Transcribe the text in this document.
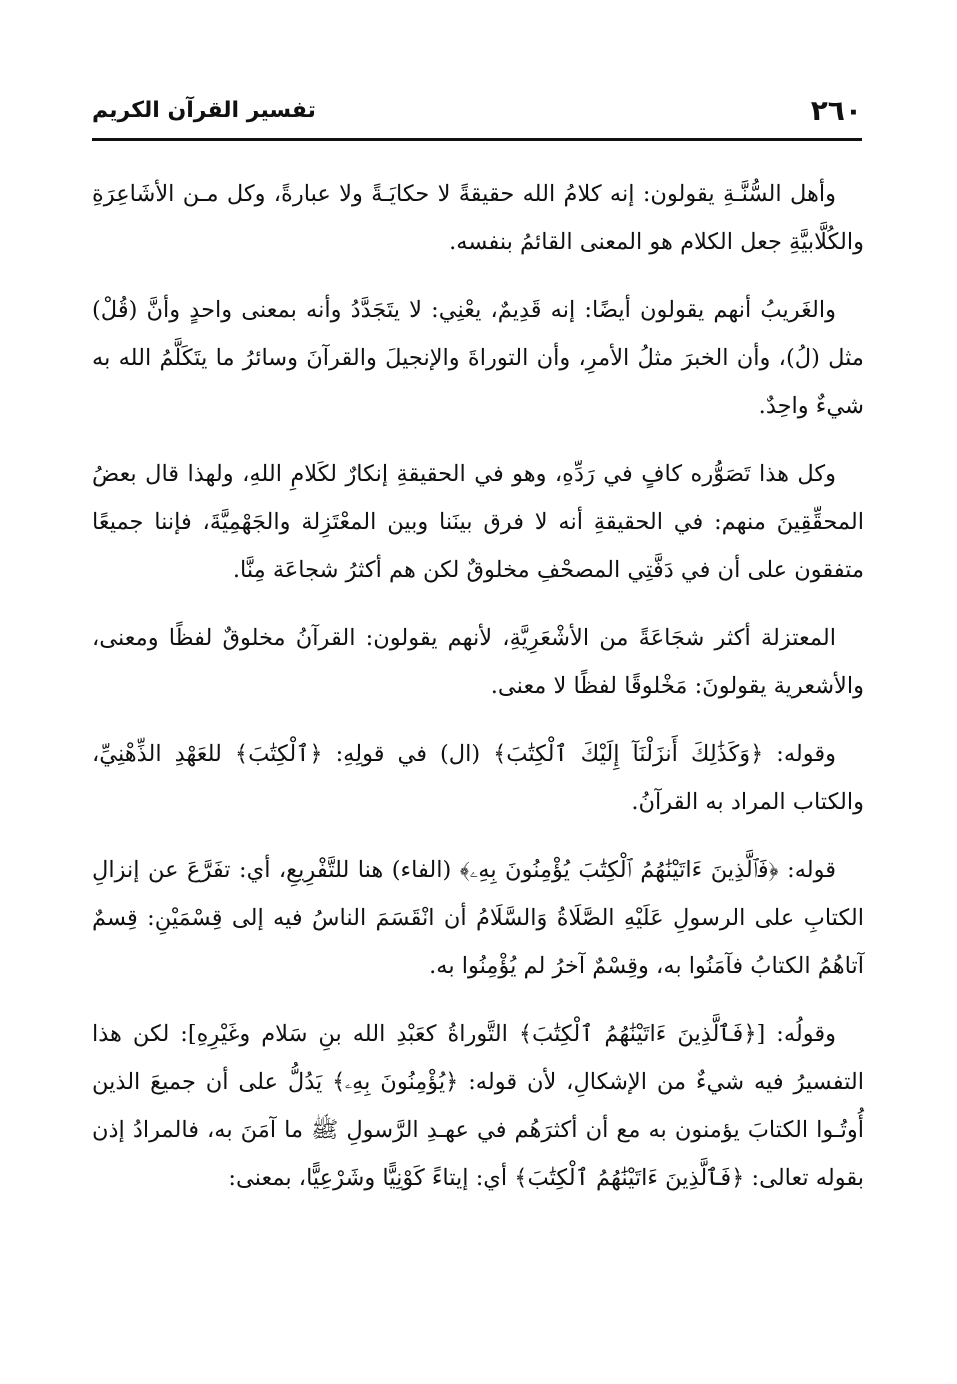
٢٦٠
تفسير القرآن الكريم

وأهل السُّنَّـةِ يقولون: إنه كلامُ الله حقيقةً لا حكايَـةً ولا عبارةً، وكل مـن الأشَاعِرَةِ والكُلَّابيَّةِ جعل الكلام هو المعنى القائمُ بنفسه.

والغَريبُ أنهم يقولون أيضًا: إنه قَدِيمٌ، يعْنِي: لا يتَجَدَّدُ وأنه بمعنى واحدٍ وأنَّ (قُلْ) مثل (لُ)، وأن الخبرَ مثلُ الأمرِ، وأن التوراةَ والإنجيلَ والقرآنَ وسائرُ ما يتَكَلَّمُ الله به شيءٌ واحِدٌ.

وكل هذا تَصَوُّره كافٍ في رَدِّهِ، وهو في الحقيقةِ إنكارٌ لكَلامِ اللهِ، ولهذا قال بعضُ المحقِّقِينَ منهم: في الحقيقةِ أنه لا فرق بينَنا وبين المعْتَزِلة والجَهْمِيَّةَ، فإننا جميعًا متفقون على أن في دَفَّتِي المصحْفِ مخلوقٌ لكن هم أكثرُ شجاعَة مِنَّا.

المعتزلة أكثر شجَاعَةً من الأشْعَرِيَّةِ، لأنهم يقولون: القرآنُ مخلوقٌ لفظًا ومعنى، والأشعرية يقولونَ: مَخْلوقًا لفظًا لا معنى.

وقوله: ﴿وَكَذَٰلِكَ أَنزَلْنَآ إِلَيْكَ ٱلْكِتَٰبَ﴾ (ال) في قولِهِ: ﴿ٱلْكِتَٰبَ﴾ للعَهْدِ الذِّهْنِيِّ، والكتاب المراد به القرآنُ.

قوله: ﴿فَٱلَّذِينَ ءَاتَيْنَٰهُمُ ٱلْكِتَٰبَ يُؤْمِنُونَ بِهِۦ﴾ (الفاء) هنا للتَّفْرِيعِ، أي: تفَرَّعَ عن إنزالِ الكتابِ على الرسولِ عَلَيْهِ الصَّلَاةُ وَالسَّلَامُ أن انْقَسَمَ الناسُ فيه إلى قِسْمَيْنِ: قِسمٌ آتاهُمُ الكتابُ فآمَنُوا به، وقِسْمٌ آخرُ لم يُؤْمِنُوا به.

وقولُه: [﴿فَٱلَّذِينَ ءَاتَيْنَٰهُمُ ٱلْكِتَٰبَ﴾ التَّوراةُ كعَبْدِ الله بنِ سَلام وغَيْرِهِ]: لكن هذا التفسيرُ فيه شيءٌ من الإشكالِ، لأن قوله: ﴿يُؤْمِنُونَ بِهِۦ﴾ يَدُلُّ على أن جميعَ الذين أُوتُـوا الكتابَ يؤمنون به مع أن أكثرَهُم في عهـدِ الرَّسولِ ﷺ ما آمَنَ به، فالمرادُ إذن بقوله تعالى: ﴿فَٱلَّذِينَ ءَاتَيْنَٰهُمُ ٱلْكِتَٰبَ﴾ أي: إيتاءً كَوْنِيًّا وشَرْعِيًّا، بمعنى:
